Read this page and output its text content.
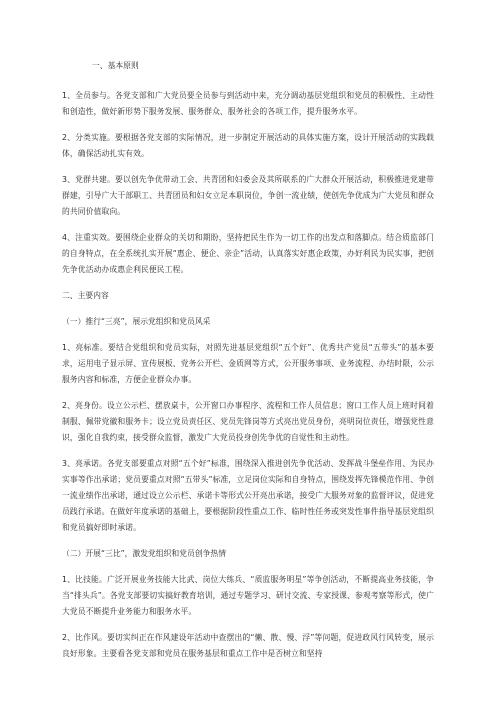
一、基本原则
1、全员参与。各党支部和广大党员要全员参与到活动中来，充分调动基层党组织和党员的积极性、主动性和创造性，做好新形势下服务发展、服务群众、服务社会的各项工作，提升服务水平。
2、分类实施。要根据各党支部的实际情况，进一步制定开展活动的具体实施方案，设计开展活动的实践载体，确保活动扎实有效。
3、党群共建。要以创先争优带动工会、共青团和妇委会及其所联系的广大群众开展活动，积极推进党建带群建，引导广大干部职工、共青团员和妇女立足本职岗位，争创一流业绩，使创先争优成为广大党员和群众的共同价值取向。
4、注重实效。要围绕企业群众的关切和期盼，坚持把民生作为一切工作的出发点和落脚点。结合质监部门的自身特点，在全系统扎实开展“惠企、便企、亲企”活动，认真落实好惠企政策，办好利民为民实事，把创先争优活动办成惠企利民便民工程。
二、主要内容
（一）推行“三亮”，展示党组织和党员风采
1、亮标准。要结合党组织和党员实际，对照先进基层党组织“五个好”、优秀共产党员“五带头”的基本要求，运用电子显示屏、宣传展板、党务公开栏、金质网等方式，公开服务事项、业务流程、办结时限，公示服务内容和标准，方便企业群众办事。
2、亮身份。设立公示栏、摆放桌卡，公开窗口办事程序、流程和工作人员信息；窗口工作人员上班时间着制服、佩带党徽和服务卡；设立党员责任区、党员先锋岗等方式亮出党员身份，亮明岗位责任，增强党性意识，强化自我约束，接受群众监督，激发广大党员投身创先争优的自觉性和主动性。
3、亮承诺。各党支部要重点对照“五个好”标准，围绕深入推进创先争优活动、发挥战斗堡垒作用、为民办实事等作出承诺；党员要重点对照“五带头”标准，立足岗位实际和自身特点，围绕发挥先锋模范作用、争创一流业绩作出承诺，通过设立公示栏、承诺卡等形式公开亮出承诺，接受广大服务对象的监督评议，促进党员践行承诺。在做好年度承诺的基础上，要根据阶段性重点工作、临时性任务或突发性事件指导基层党组织和党员搞好即时承诺。
（二）开展“三比”，激发党组织和党员创争热情
1、比技能。广泛开展业务技能大比武、岗位大练兵、“质监服务明星”等争创活动，不断提高业务技能，争当“排头兵”。各党支部要切实搞好教育培训，通过专题学习、研讨交流、专家授课、参观考察等形式，使广大党员不断提升业务能力和服务水平。
2、比作风。要切实纠正在作风建设年活动中查摆出的“懒、散、慢、浮”等问题，促进政风行风转变，展示良好形象。主要看各党支部和党员在服务基层和重点工作中是否树立和坚持
